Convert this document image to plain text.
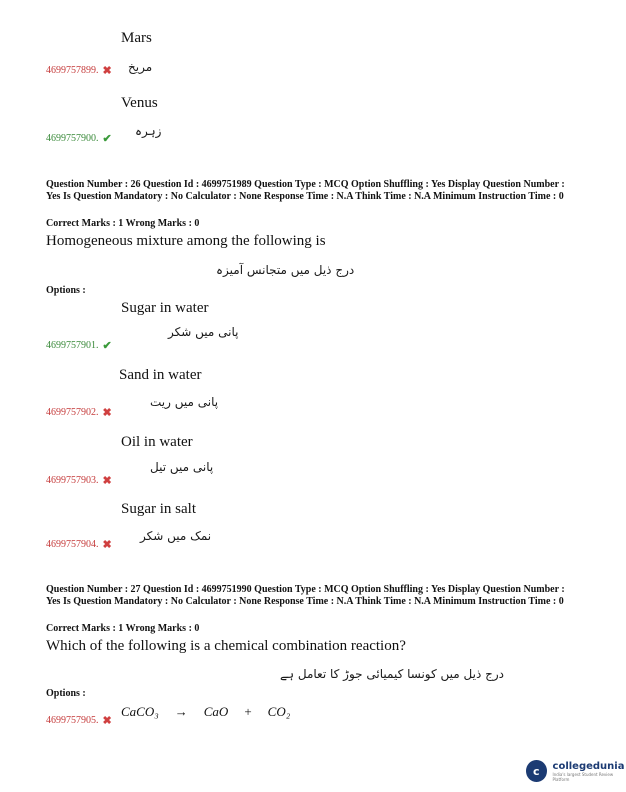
Mars
4699757899. ✖ مریخ
Venus
زہرہ
4699757900. ✔
Question Number : 26 Question Id : 4699751989 Question Type : MCQ Option Shuffling : Yes Display Question Number : Yes Is Question Mandatory : No Calculator : None Response Time : N.A Think Time : N.A Minimum Instruction Time : 0
Correct Marks : 1 Wrong Marks : 0
Homogeneous mixture among the following is
درج ذیل میں متجانس آمیزہ
Options :
Sugar in water
پانی میں شکر
4699757901. ✔
Sand in water
پانی میں ریت
4699757902. ✖
Oil in water
پانی میں تیل
4699757903. ✖
Sugar in salt
نمک میں شکر
4699757904. ✖
Question Number : 27 Question Id : 4699751990 Question Type : MCQ Option Shuffling : Yes Display Question Number : Yes Is Question Mandatory : No Calculator : None Response Time : N.A Think Time : N.A Minimum Instruction Time : 0
Correct Marks : 1 Wrong Marks : 0
Which of the following is a chemical combination reaction?
درج ذیل میں کونسا کیمیائی جوڑ کا تعامل ہے
Options :
CaCO₃ → CaO + CO₂
4699757905. ✖
c	collegedunia
India's largest Student Review Platform
